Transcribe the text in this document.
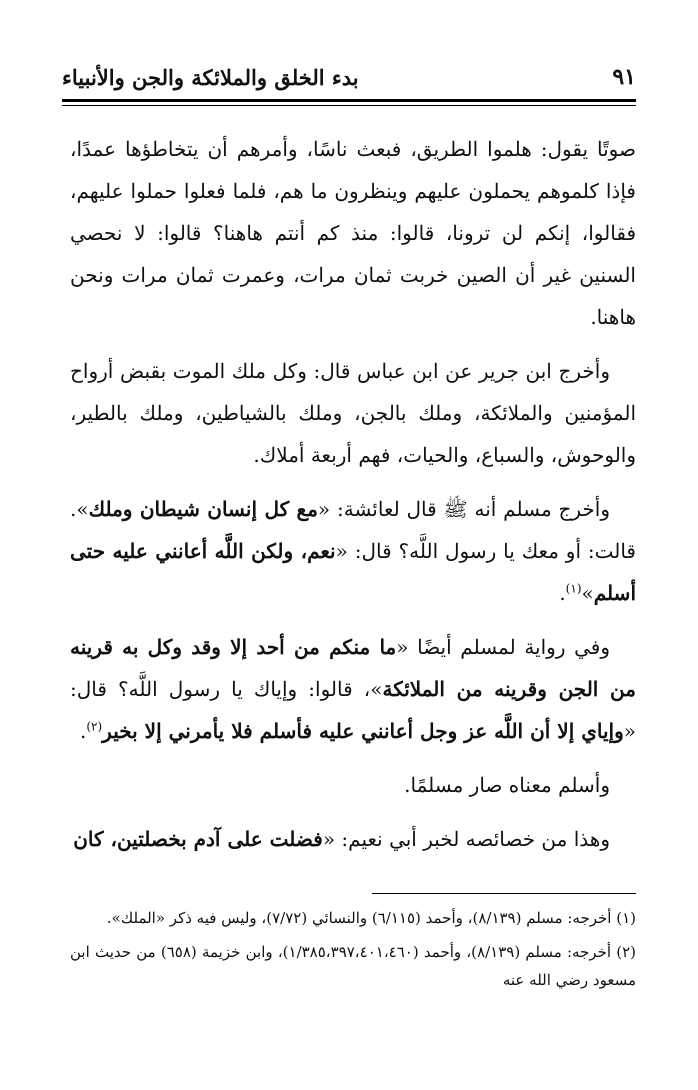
بدء الخلق والملائكة والجن والأنبياء	٩١

صوتًا يقول: هلموا الطريق، فبعث ناسًا، وأمرهم أن يتخاطؤها عمدًا، فإذا كلموهم يحملون عليهم وينظرون ما هم، فلما فعلوا حملوا عليهم، فقالوا، إنكم لن ترونا، قالوا: منذ كم أنتم هاهنا؟ قالوا: لا نحصي السنين غير أن الصين خربت ثمان مرات، وعمرت ثمان مرات ونحن هاهنا.

وأخرج ابن جرير عن ابن عباس قال: وكل ملك الموت بقبض أرواح المؤمنين والملائكة، وملك بالجن، وملك بالشياطين، وملك بالطير، والوحوش، والسباع، والحيات، فهم أربعة أملاك.

وأخرج مسلم أنه ﷺ قال لعائشة: «مع كل إنسان شيطان وملك». قالت: أو معك يا رسول اللَّه؟ قال: «نعم، ولكن اللَّه أعانني عليه حتى أسلم»$^{(١)}$.

وفي رواية لمسلم أيضًا «ما منكم من أحد إلا وقد وكل به قرينه من الجن وقرينه من الملائكة»، قالوا: وإياك يا رسول اللَّه؟ قال: «وإياي إلا أن اللَّه عز وجل أعانني عليه فأسلم فلا يأمرني إلا بخير$^{(٢)}$.

وأسلم معناه صار مسلمًا.

وهذا من خصائصه لخبر أبي نعيم: «فضلت على آدم بخصلتين، كان

(١) أخرجه: مسلم (٨/١٣٩)، وأحمد (٦/١١٥) والنسائي (٧/٧٢)، وليس فيه ذكر «الملك».

(٢) أخرجه: مسلم (٨/١٣٩)، وأحمد (١/٣٨٥،٣٩٧،٤٠١،٤٦٠)، وابن خزيمة (٦٥٨) من حديث ابن مسعود رضي الله عنه
